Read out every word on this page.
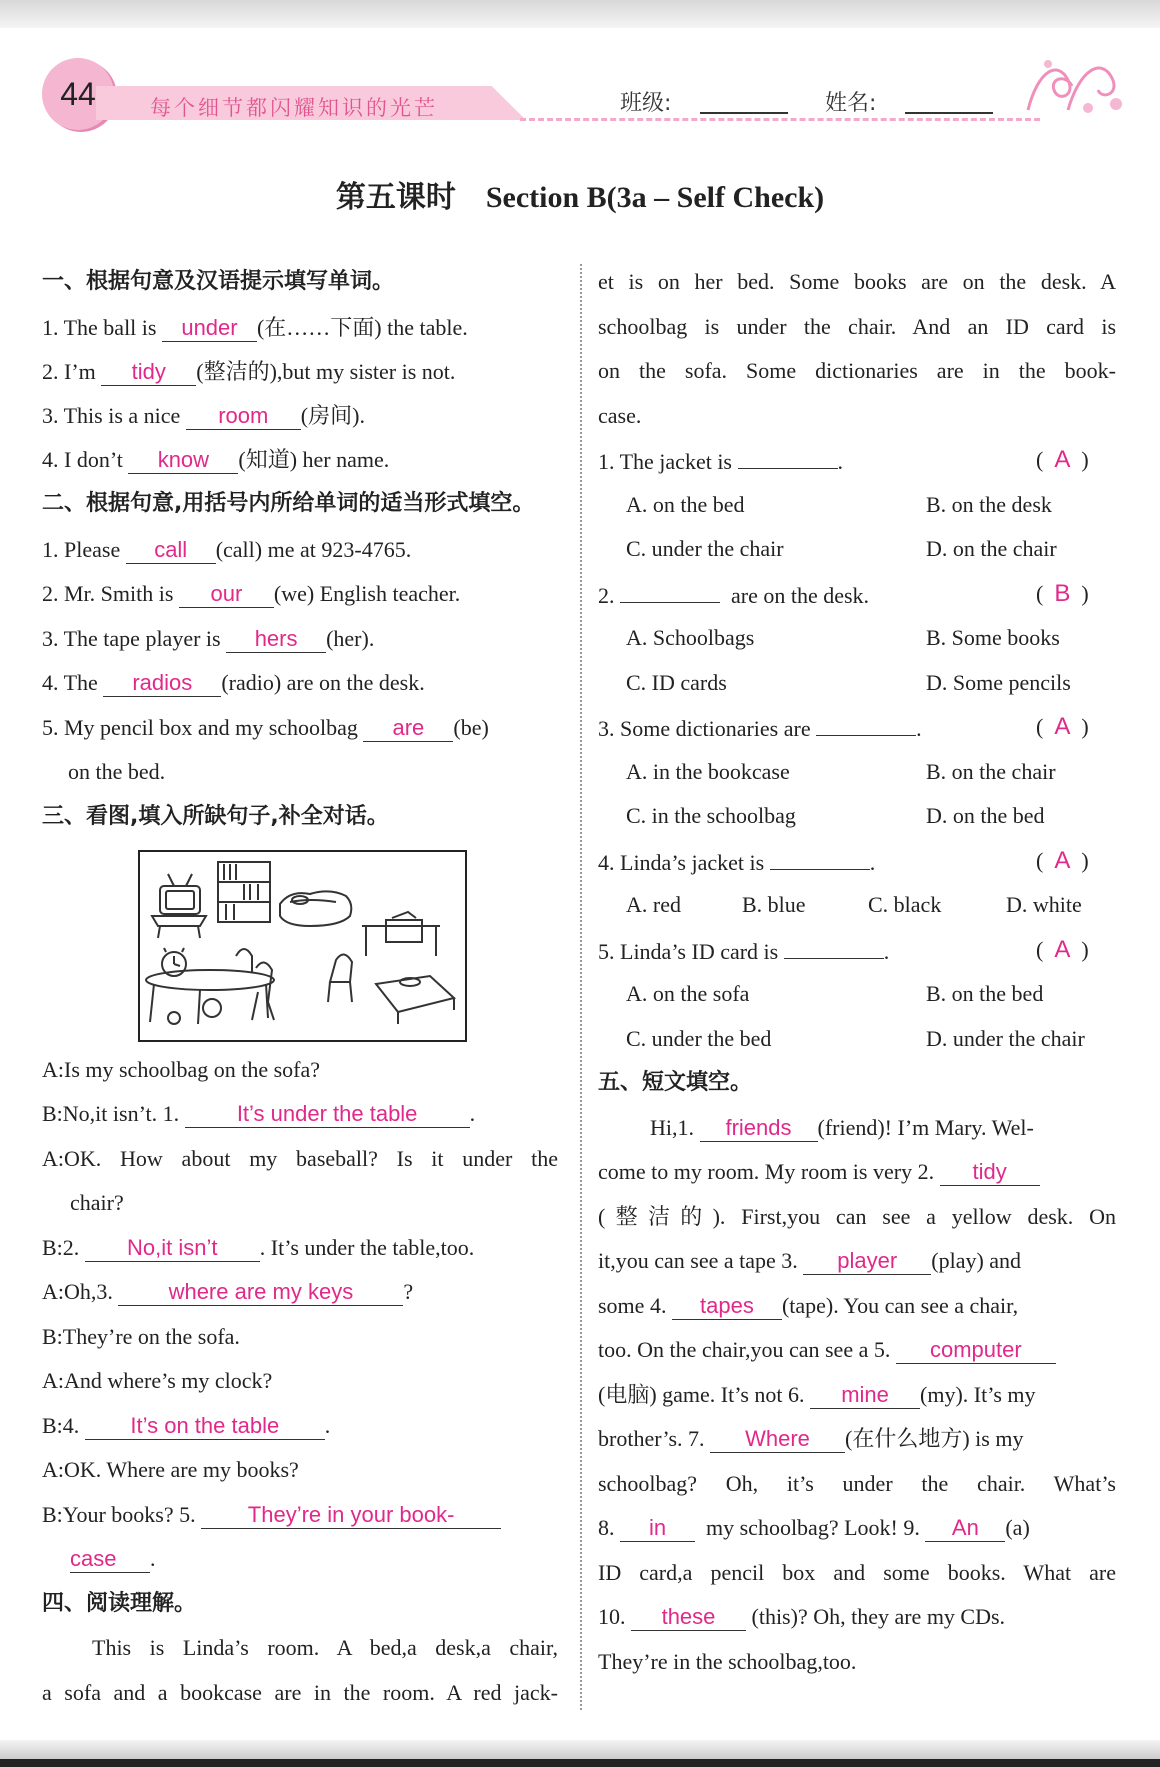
44	每个细节都闪耀知识的光芒	班级:	姓名:
第五课时　Section B(3a – Self Check)
一、根据句意及汉语提示填写单词。
1. The ball is under (在……下面) the table.
2. I’m tidy (整洁的),but my sister is not.
3. This is a nice room (房间).
4. I don’t know (知道) her name.
二、根据句意,用括号内所给单词的适当形式填空。
1. Please call (call) me at 923-4765.
2. Mr. Smith is our (we) English teacher.
3. The tape player is hers (her).
4. The radios (radio) are on the desk.
5. My pencil box and my schoolbag are (be)
on the bed.
三、看图,填入所缺句子,补全对话。
A:Is my schoolbag on the sofa?
B:No,it isn’t. 1. It’s under the table .
A:OK. How about my baseball? Is it under the
chair?
B:2. No,it isn’t . It’s under the table,too.
A:Oh,3. where are my keys ?
B:They’re on the sofa.
A:And where’s my clock?
B:4. It’s on the table .
A:OK. Where are my books?
B:Your books? 5. They’re in your book-
case .
四、阅读理解。
This is Linda’s room. A bed,a desk,a chair,
a sofa and a bookcase are in the room. A red jack-
et is on her bed. Some books are on the desk. A
schoolbag is under the chair. And an ID card is
on the sofa. Some dictionaries are in the book-
case.
1. The jacket is	.	(  A  )
A. on the bed	B. on the desk
C. under the chair	D. on the chair
2.	are on the desk.	(  B  )
A. Schoolbags	B. Some books
C. ID cards	D. Some pencils
3. Some dictionaries are	.	(  A  )
A. in the bookcase	B. on the chair
C. in the schoolbag	D. on the bed
4. Linda’s jacket is	.	(  A  )
A. red	B. blue	C. black	D. white
5. Linda’s ID card is	.	(  A  )
A. on the sofa	B. on the bed
C. under the bed	D. under the chair
五、短文填空。
Hi,1. friends (friend)! I’m Mary. Wel-
come to my room. My room is very 2. tidy
(整洁的). First,you can see a yellow desk. On
it,you can see a tape 3. player (play) and
some 4. tapes (tape). You can see a chair,
too. On the chair,you can see a 5. computer
(电脑) game. It’s not 6. mine (my). It’s my
brother’s. 7. Where (在什么地方) is my
schoolbag? Oh, it’s under the chair. What’s
8. in my schoolbag? Look! 9. An (a)
ID card,a pencil box and some books. What are
10. these (this)? Oh, they are my CDs.
They’re in the schoolbag,too.
